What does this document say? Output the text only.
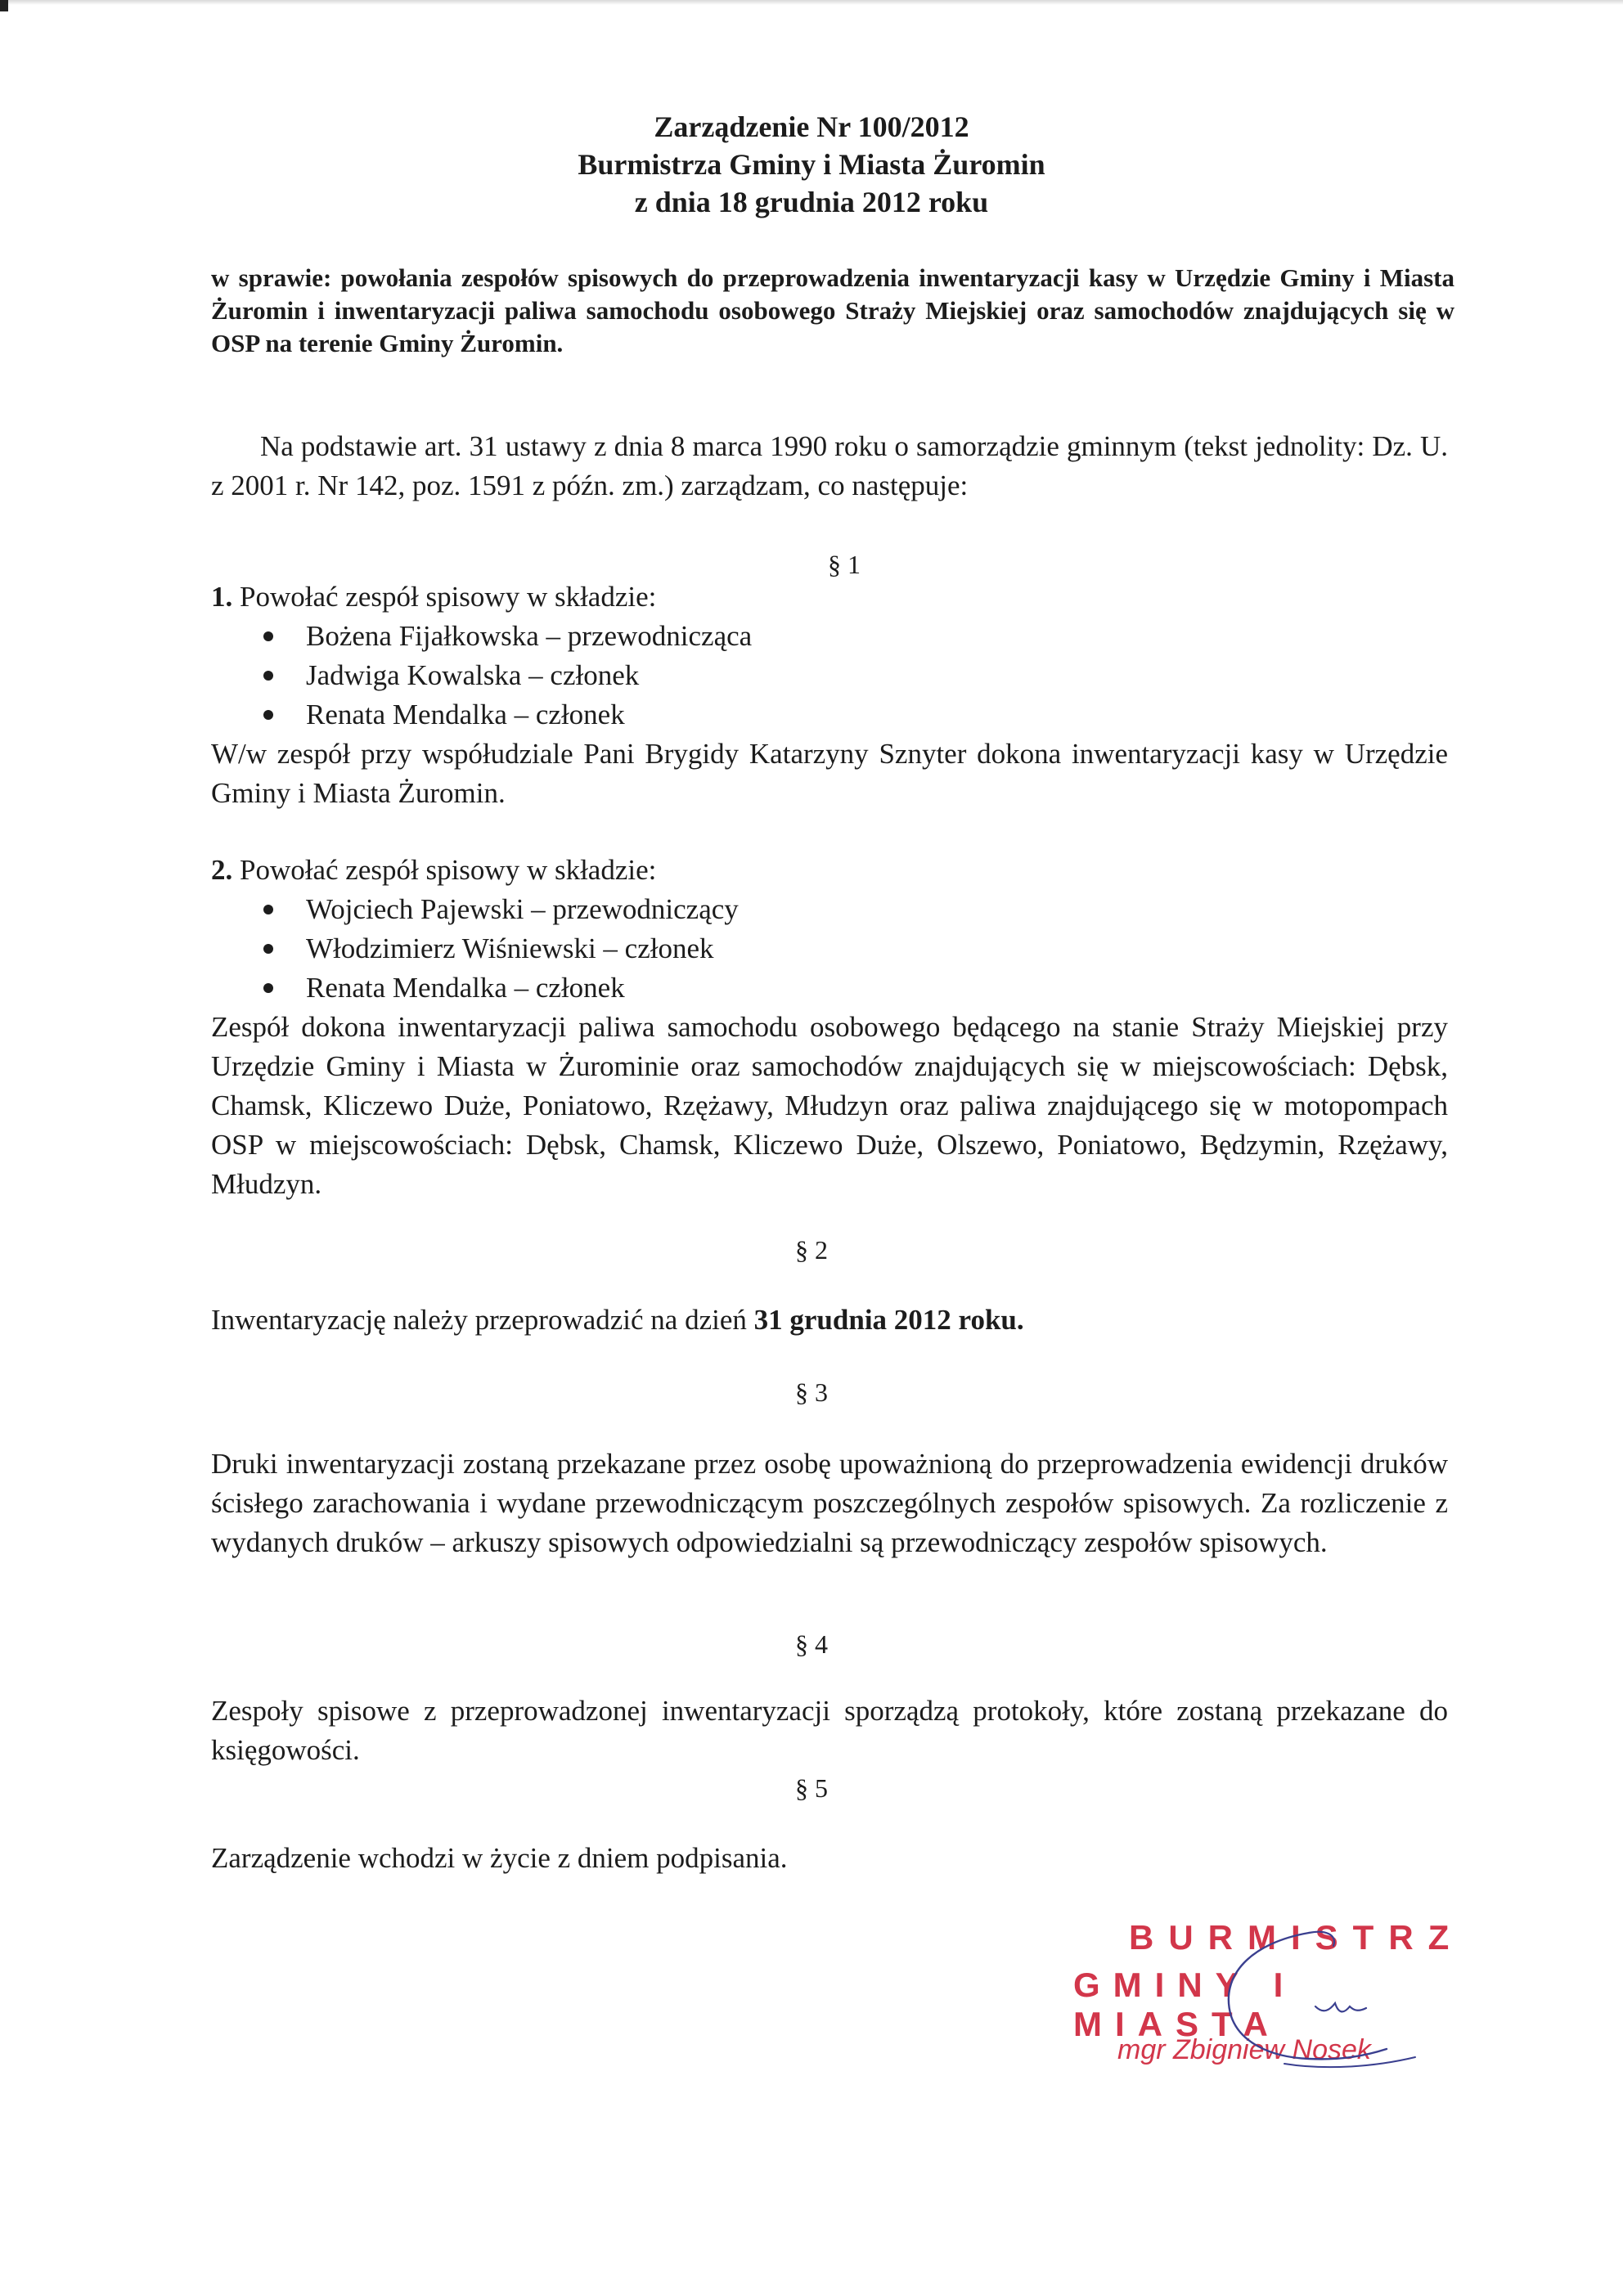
Zarządzenie Nr 100/2012
Burmistrza Gminy i Miasta Żuromin
z dnia 18 grudnia 2012 roku
w sprawie: powołania zespołów spisowych do przeprowadzenia inwentaryzacji kasy w Urzędzie Gminy i Miasta Żuromin i inwentaryzacji paliwa samochodu osobowego Straży Miejskiej oraz samochodów znajdujących się w OSP na terenie Gminy Żuromin.
Na podstawie art. 31 ustawy z dnia 8 marca 1990 roku o samorządzie gminnym (tekst jednolity: Dz. U. z 2001 r. Nr 142, poz. 1591 z późn. zm.) zarządzam, co następuje:
§ 1

1. Powołać zespół spisowy w składzie:

Bożena Fijałkowska – przewodnicząca
Jadwiga Kowalska – członek
Renata Mendalka – członek

W/w zespół przy współudziale Pani Brygidy Katarzyny Sznyter dokona inwentaryzacji kasy w Urzędzie Gminy i Miasta Żuromin.

2. Powołać zespół spisowy w składzie:

Wojciech Pajewski – przewodniczący
Włodzimierz Wiśniewski – członek
Renata Mendalka – członek

Zespół dokona inwentaryzacji paliwa samochodu osobowego będącego na stanie Straży Miejskiej przy Urzędzie Gminy i Miasta w Żurominie oraz samochodów znajdujących się w miejscowościach: Dębsk, Chamsk, Kliczewo Duże, Poniatowo, Rzężawy, Młudzyn oraz paliwa znajdującego się w motopompach OSP w miejscowościach: Dębsk, Chamsk, Kliczewo Duże, Olszewo, Poniatowo, Będzymin, Rzężawy, Młudzyn.

§ 2
Inwentaryzację należy przeprowadzić na dzień 31 grudnia 2012 roku.
§ 3
Druki inwentaryzacji zostaną przekazane przez osobę upoważnioną do przeprowadzenia ewidencji druków ścisłego zarachowania i wydane przewodniczącym poszczególnych zespołów spisowych. Za rozliczenie z wydanych druków – arkuszy spisowych odpowiedzialni są przewodniczący zespołów spisowych.
§ 4
Zespoły spisowe z przeprowadzonej inwentaryzacji sporządzą protokoły, które zostaną przekazane do księgowości.
§ 5
Zarządzenie wchodzi w życie z dniem podpisania.
BURMISTRZ
GMINY I MIASTA
mgr Zbigniew Nosek
